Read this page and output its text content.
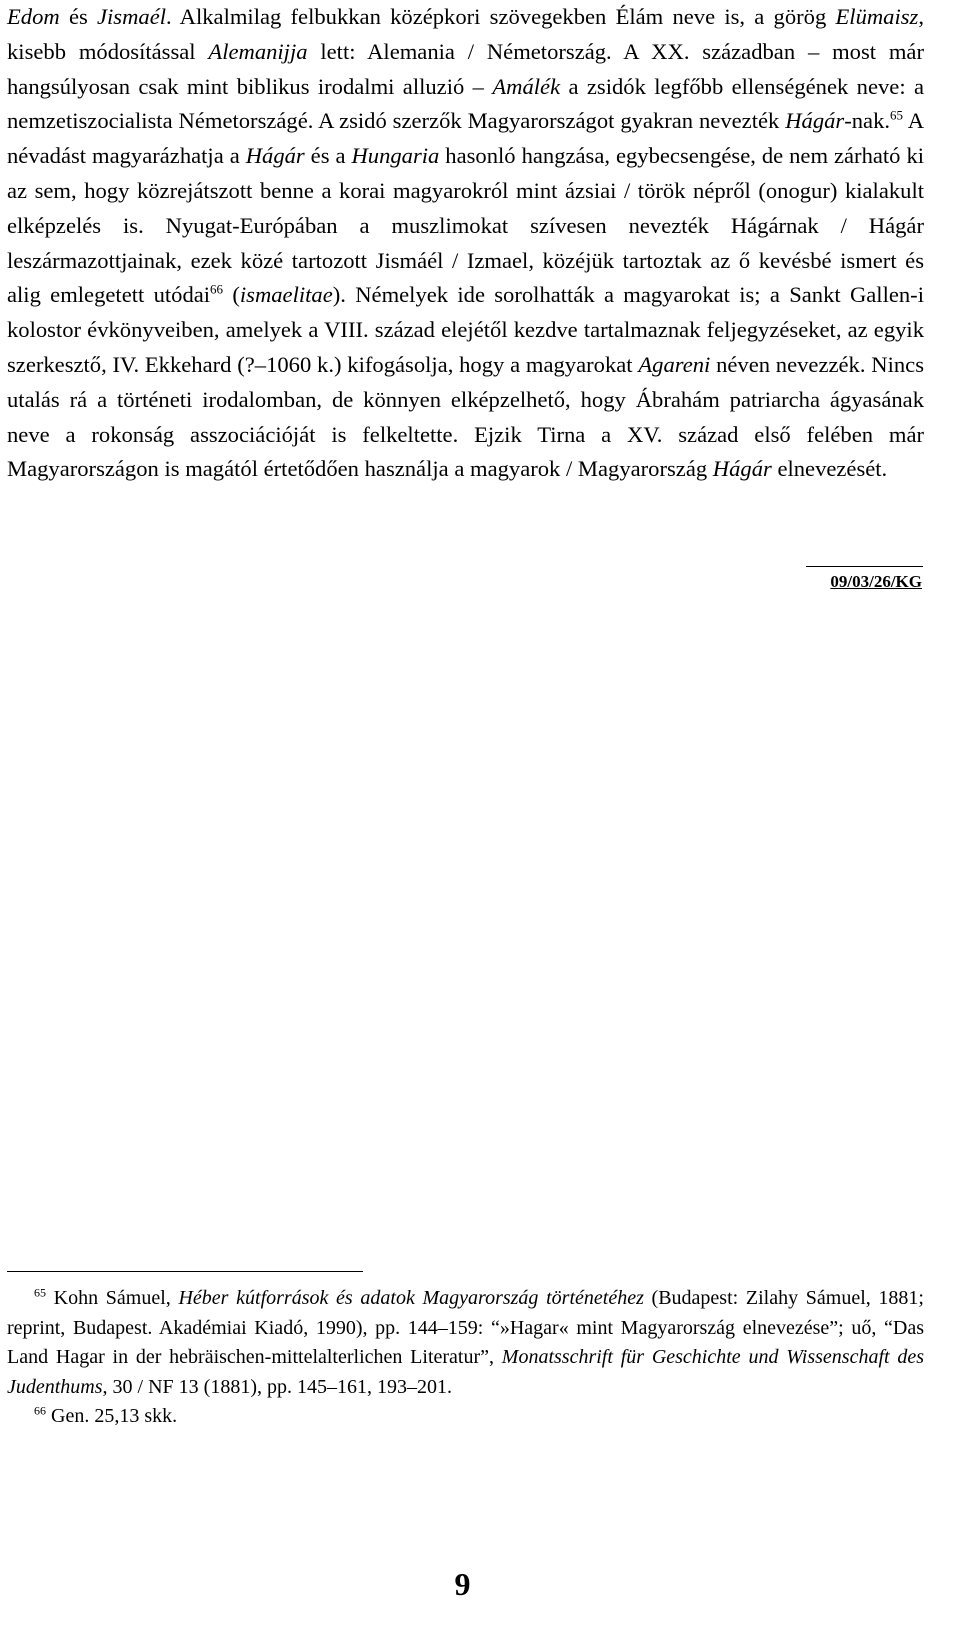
Edom és Jismaél. Alkalmilag felbukkan középkori szövegekben Élám neve is, a görög Elümaisz, kisebb módosítással Alemanijja lett: Alemania / Németország. A XX. században – most már hangsúlyosan csak mint biblikus irodalmi alluzió – Amálék a zsidók legfőbb ellenségének neve: a nemzetiszocialista Németországé. A zsidó szerzők Magyarországot gyakran nevezték Hágár-nak.$^{65}$ A névadást magyarázhatja a Hágár és a Hungaria hasonló hangzása, egybecsengése, de nem zárható ki az sem, hogy közrejátszott benne a korai magyarokról mint ázsiai / török népről (onogur) kialakult elképzelés is. Nyugat-Európában a muszlimokat szívesen nevezték Hágárnak / Hágár leszármazottjainak, ezek közé tartozott Jismáél / Izmael, közéjük tartoztak az ő kevésbé ismert és alig emlegetett utódai$^{66}$ (ismaelitae). Némelyek ide sorolhatták a magyarokat is; a Sankt Gallen-i kolostor évkönyveiben, amelyek a VIII. század elejétől kezdve tartalmaznak feljegyzéseket, az egyik szerkesztő, IV. Ekkehard (?–1060 k.) kifogásolja, hogy a magyarokat Agareni néven nevezzék. Nincs utalás rá a történeti irodalomban, de könnyen elképzelhető, hogy Ábrahám patriarcha ágyasának neve a rokonság asszociációját is felkeltette. Ejzik Tirna a XV. század első felében már Magyarországon is magától értetődően használja a magyarok / Magyarország Hágár elnevezését.

09/03/26/KG

$^{65}$ Kohn Sámuel, Héber kútforrások és adatok Magyarország történetéhez (Budapest: Zilahy Sámuel, 1881; reprint, Budapest. Akadémiai Kiadó, 1990), pp. 144–159: “»Hagar« mint Magyarország elnevezése”; uő, “Das Land Hagar in der hebräischen-mittelalterlichen Literatur”, Monatsschrift für Geschichte und Wissenschaft des Judenthums, 30 / NF 13 (1881), pp. 145–161, 193–201.

$^{66}$ Gen. 25,13 skk.

9
